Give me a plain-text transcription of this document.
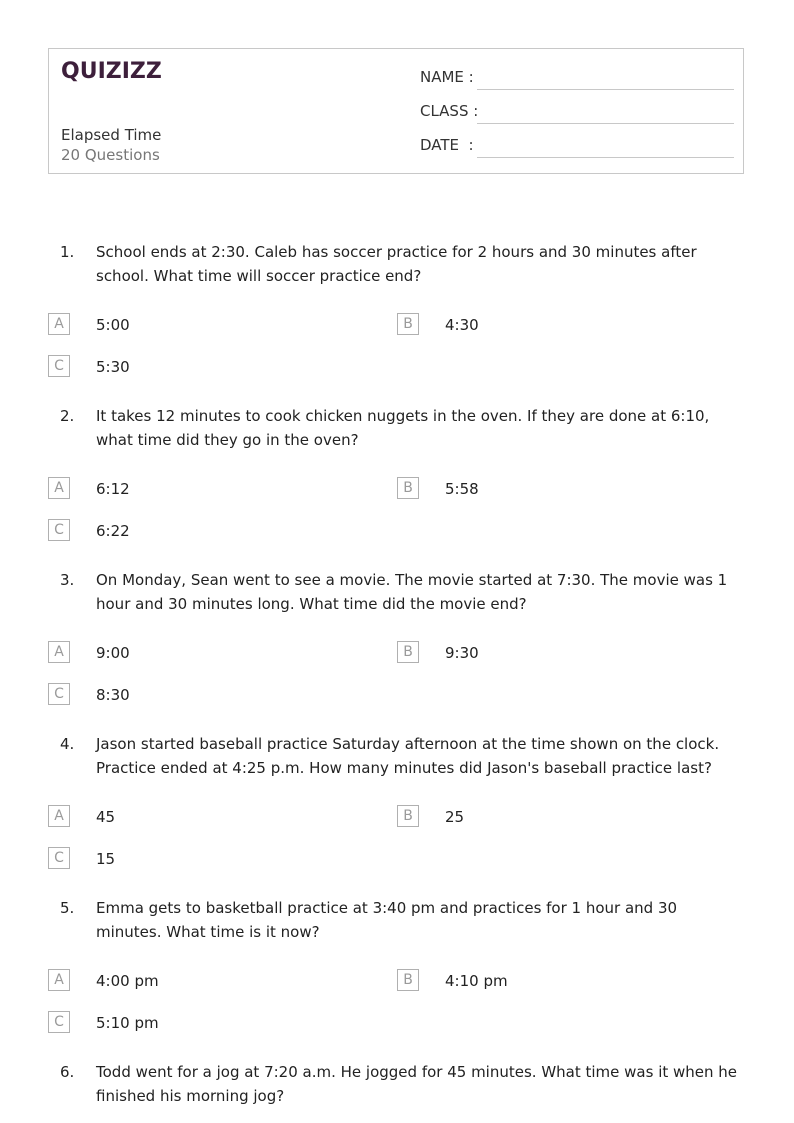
QUIZIZZ
Elapsed Time
20 Questions
NAME :
CLASS :
DATE  :
1. School ends at 2:30. Caleb has soccer practice for 2 hours and 30 minutes after school. What time will soccer practice end?

A	5:00	B	4:30
C	5:30
2. It takes 12 minutes to cook chicken nuggets in the oven. If they are done at 6:10, what time did they go in the oven?

A	6:12	B	5:58
C	6:22
3. On Monday, Sean went to see a movie. The movie started at 7:30. The movie was 1 hour and 30 minutes long. What time did the movie end?

A	9:00	B	9:30
C	8:30
4. Jason started baseball practice Saturday afternoon at the time shown on the clock. Practice ended at 4:25 p.m. How many minutes did Jason's baseball practice last?

A	45	B	25
C	15
5. Emma gets to basketball practice at 3:40 pm and practices for 1 hour and 30 minutes. What time is it now?

A	4:00 pm	B	4:10 pm
C	5:10 pm
6. Todd went for a jog at 7:20 a.m. He jogged for 45 minutes. What time was it when he finished his morning jog?
